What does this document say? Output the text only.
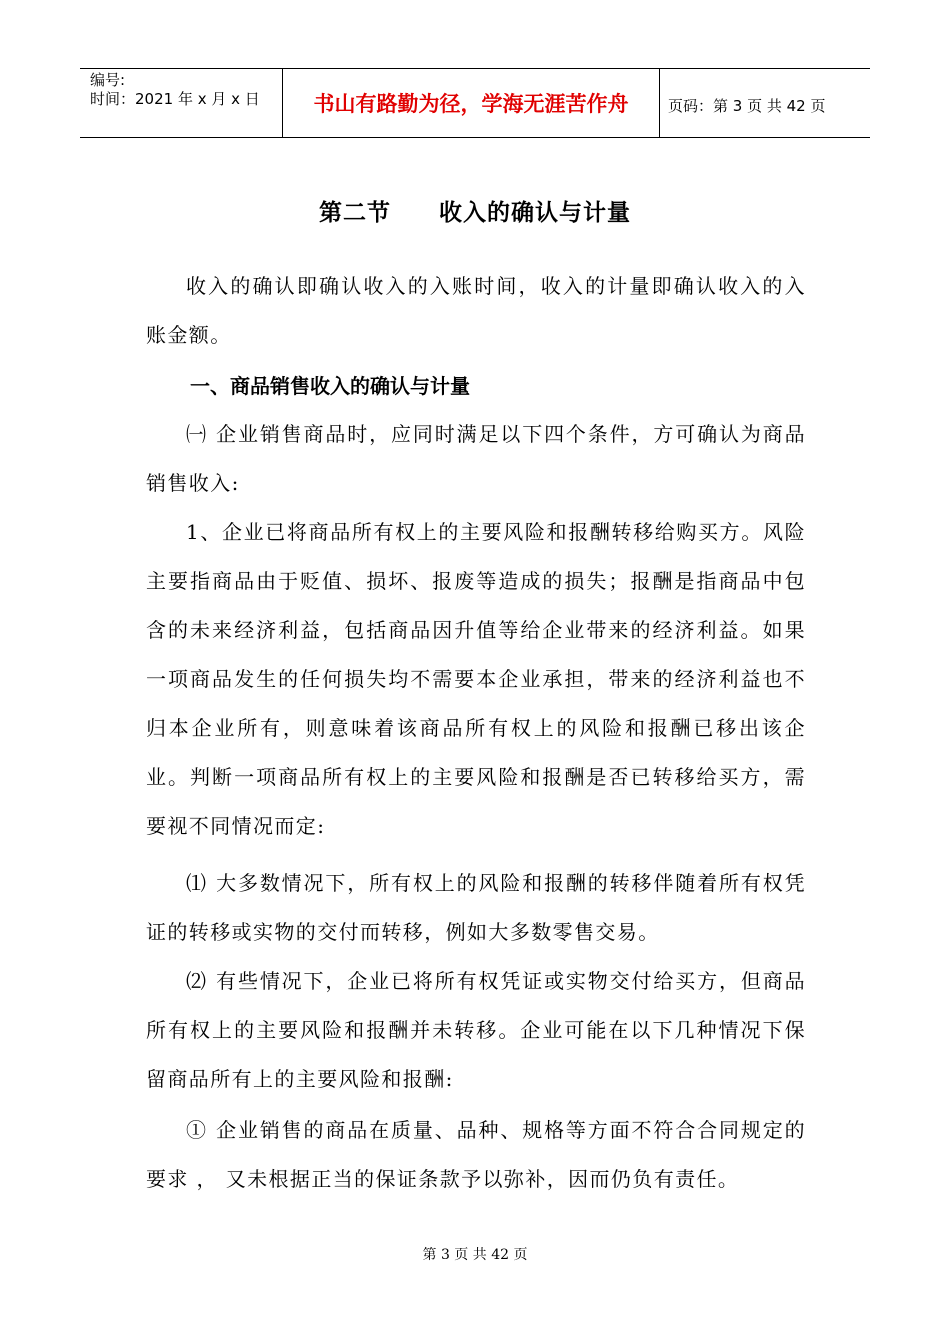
编号:
时间：2021 年 x 月 x 日	书山有路勤为径，学海无涯苦作舟	页码：第 3 页 共 42 页
第二节　　收入的确认与计量
收入的确认即确认收入的入账时间，收入的计量即确认收入的入账金额。
一、商品销售收入的确认与计量
㈠ 企业销售商品时，应同时满足以下四个条件，方可确认为商品销售收入:
1、企业已将商品所有权上的主要风险和报酬转移给购买方。风险主要指商品由于贬值、损坏、报废等造成的损失；报酬是指商品中包含的未来经济利益，包括商品因升值等给企业带来的经济利益。如果一项商品发生的任何损失均不需要本企业承担，带来的经济利益也不归本企业所有，则意味着该商品所有权上的风险和报酬已移出该企业。判断一项商品所有权上的主要风险和报酬是否已转移给买方，需要视不同情况而定:
⑴ 大多数情况下，所有权上的风险和报酬的转移伴随着所有权凭证的转移或实物的交付而转移，例如大多数零售交易。
⑵ 有些情况下，企业已将所有权凭证或实物交付给买方，但商品所有权上的主要风险和报酬并未转移。企业可能在以下几种情况下保留商品所有上的主要风险和报酬:
① 企业销售的商品在质量、品种、规格等方面不符合合同规定的要求 ， 又未根据正当的保证条款予以弥补，因而仍负有责任。
第 3 页 共 42 页
